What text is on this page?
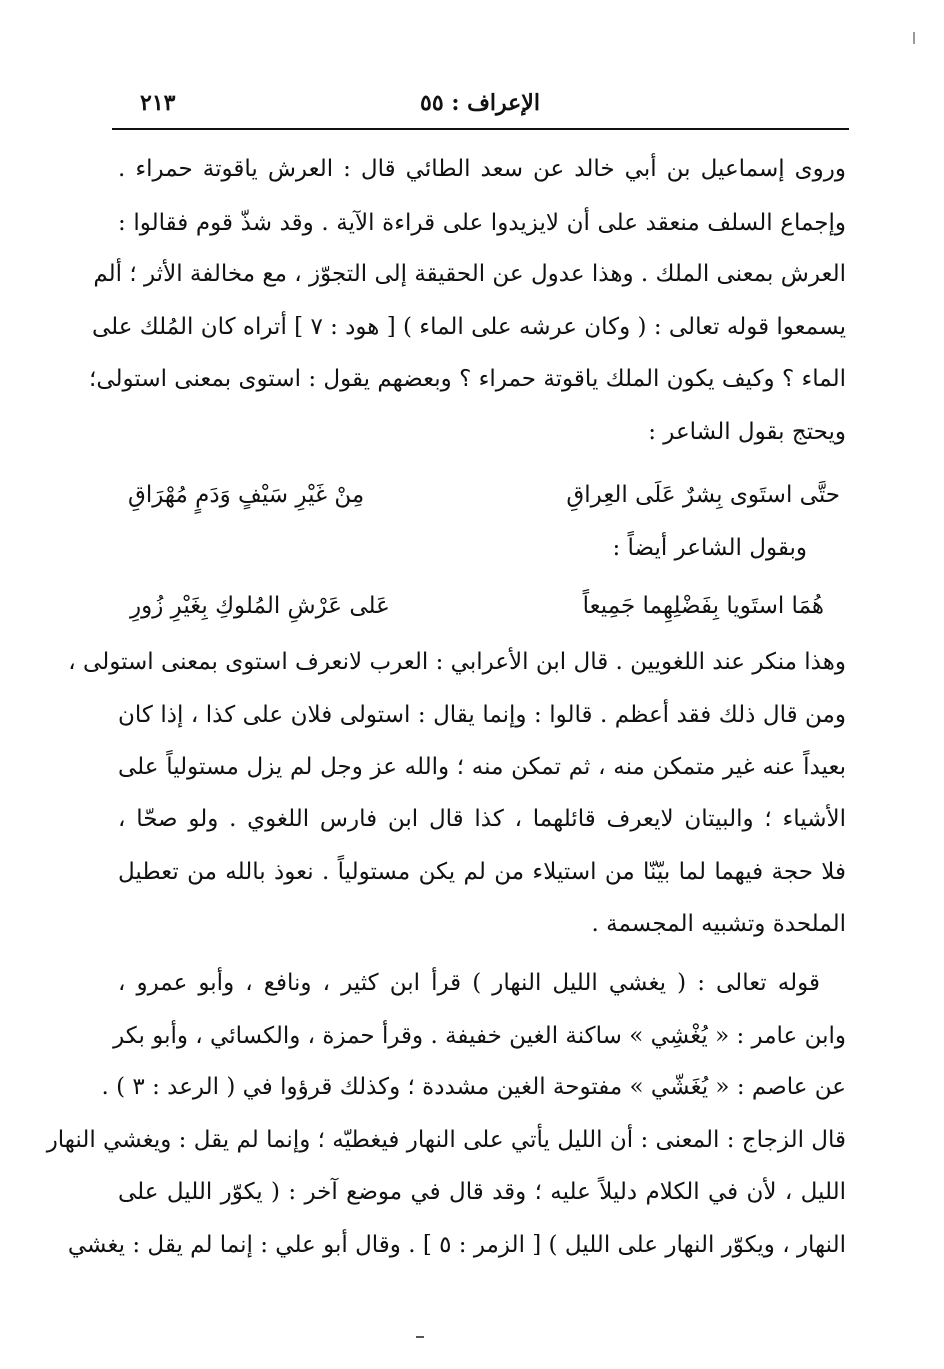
الإعراف : ٥٥
٢١٣
وروى إسماعيل بن أبي خالد عن سعد الطائي قال : العرش ياقوتة حمراء .
وإجماع السلف منعقد على أن لايزيدوا على قراءة الآية . وقد شذّ قوم فقالوا :
العرش بمعنى الملك . وهذا عدول عن الحقيقة إلى التجوّز ، مع مخالفة الأثر ؛ ألم
يسمعوا قوله تعالى : ( وكان عرشه على الماء ) [ هود : ٧ ] أتراه كان المُلك على
الماء ؟ وكيف يكون الملك ياقوتة حمراء ؟ وبعضهم يقول : استوى بمعنى استولى؛
ويحتج بقول الشاعر :
حتَّى استَوى بِشرٌ عَلَى العِراقِ
مِنْ غَيْرِ سَيْفٍ وَدَمٍ مُهْرَاقِ
وبقول الشاعر أيضاً :
هُمَا استَويا بِفَضْلِهِما جَمِيعاً
عَلى عَرْشِ المُلوكِ بِغَيْرِ زُورِ
وهذا منكر عند اللغويين . قال ابن الأعرابي : العرب لانعرف استوى بمعنى استولى ،
ومن قال ذلك فقد أعظم . قالوا : وإنما يقال : استولى فلان على كذا ، إذا كان
بعيداً عنه غير متمكن منه ، ثم تمكن منه ؛ والله عز وجل لم يزل مستولياً على
الأشياء ؛ والبيتان لايعرف قائلهما ، كذا قال ابن فارس اللغوي . ولو صحّا ،
فلا حجة فيهما لما بيّنّا من استيلاء من لم يكن مستولياً . نعوذ بالله من تعطيل
الملحدة وتشبيه المجسمة .
قوله تعالى : ( يغشي الليل النهار ) قرأ ابن كثير ، ونافع ، وأبو عمرو ،
وابن عامر : « يُغْشِي » ساكنة الغين خفيفة . وقرأ حمزة ، والكسائي ، وأبو بكر
عن عاصم : « يُغَشّي » مفتوحة الغين مشددة ؛ وكذلك قرؤوا في ( الرعد : ٣ ) .
قال الزجاج : المعنى : أن الليل يأتي على النهار فيغطيّه ؛ وإنما لم يقل : ويغشي النهار
الليل ، لأن في الكلام دليلاً عليه ؛ وقد قال في موضع آخر : ( يكوّر الليل على
النهار ، ويكوّر النهار على الليل ) [ الزمر : ٥ ] . وقال أبو علي : إنما لم يقل : يغشي
